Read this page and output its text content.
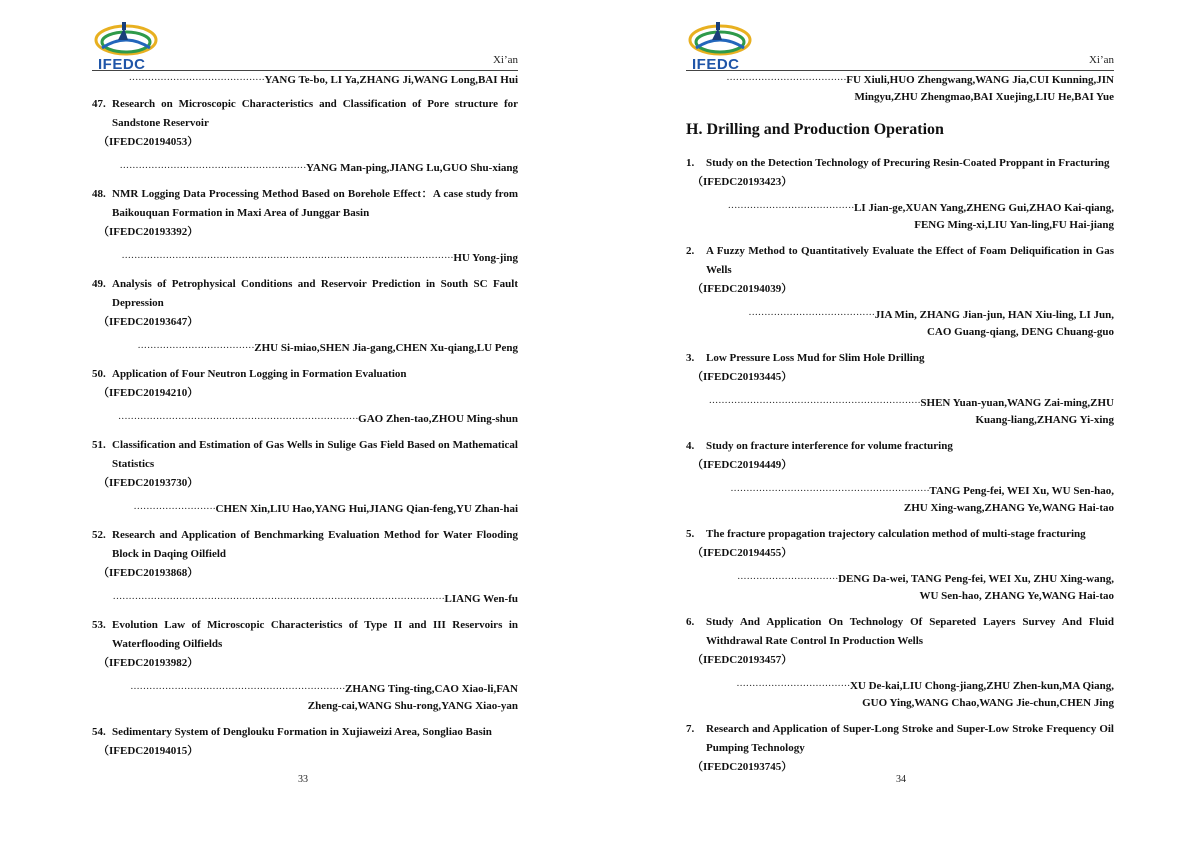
IFEDC	Xi’an

···········································YANG Te-bo, LI Ya,ZHANG Ji,WANG Long,BAI Hui

47. Research on Microscopic Characteristics and Classification of Pore structure for Sandstone Reservoir

（IFEDC20194053）

···························································YANG Man-ping,JIANG Lu,GUO Shu-xiang

48. NMR Logging Data Processing Method Based on Borehole Effect：A case study from Baikouquan Formation in Maxi Area of Junggar Basin

（IFEDC20193392）

·········································································································HU Yong-jing

49. Analysis of Petrophysical Conditions and Reservoir Prediction in South SC Fault Depression

（IFEDC20193647）

·····································ZHU Si-miao,SHEN Jia-gang,CHEN Xu-qiang,LU Peng

50. Application of Four Neutron Logging in Formation Evaluation

（IFEDC20194210）

············································································GAO Zhen-tao,ZHOU Ming-shun

51. Classification and Estimation of Gas Wells in Sulige Gas Field Based on Mathematical Statistics

（IFEDC20193730）

··························CHEN Xin,LIU Hao,YANG Hui,JIANG Qian-feng,YU Zhan-hai

52. Research and Application of Benchmarking Evaluation Method for Water Flooding Block in Daqing Oilfield

（IFEDC20193868）

·········································································································LIANG Wen-fu

53. Evolution Law of Microscopic Characteristics of Type II and III Reservoirs in Waterflooding Oilfields

（IFEDC20193982）

····································································ZHANG Ting-ting,CAO Xiao-li,FAN

Zheng-cai,WANG Shu-rong,YANG Xiao-yan

54. Sedimentary System of Denglouku Formation in Xujiaweizi Area, Songliao Basin

（IFEDC20194015）

33
IFEDC	Xi’an

······································FU Xiuli,HUO Zhengwang,WANG Jia,CUI Kunning,JIN

Mingyu,ZHU Zhengmao,BAI Xuejing,LIU He,BAI Yue

H. Drilling and Production Operation

1. Study on the Detection Technology of Precuring Resin-Coated Proppant in Fracturing

（IFEDC20193423）

········································LI Jian-ge,XUAN Yang,ZHENG Gui,ZHAO Kai-qiang,

FENG Ming-xi,LIU Yan-ling,FU Hai-jiang

2. A Fuzzy Method to Quantitatively Evaluate the Effect of Foam Deliquification in Gas Wells

（IFEDC20194039）

········································JIA Min, ZHANG Jian-jun, HAN Xiu-ling, LI Jun,

CAO Guang-qiang, DENG Chuang-guo

3. Low Pressure Loss Mud for Slim Hole Drilling

（IFEDC20193445）

···································································SHEN Yuan-yuan,WANG Zai-ming,ZHU

Kuang-liang,ZHANG Yi-xing

4. Study on fracture interference for volume fracturing

（IFEDC20194449）

·······························································TANG Peng-fei, WEI Xu, WU Sen-hao,

ZHU Xing-wang,ZHANG Ye,WANG Hai-tao

5. The fracture propagation trajectory calculation method of multi-stage fracturing

（IFEDC20194455）

································DENG Da-wei, TANG Peng-fei, WEI Xu, ZHU Xing-wang,

WU Sen-hao, ZHANG Ye,WANG Hai-tao

6. Study And Application On Technology Of Separeted Layers Survey And Fluid Withdrawal Rate Control In Production Wells

（IFEDC20193457）

····································XU De-kai,LIU Chong-jiang,ZHU Zhen-kun,MA Qiang,

GUO Ying,WANG Chao,WANG Jie-chun,CHEN Jing

7. Research and Application of Super-Long Stroke and Super-Low Stroke Frequency Oil Pumping Technology

（IFEDC20193745）

34
